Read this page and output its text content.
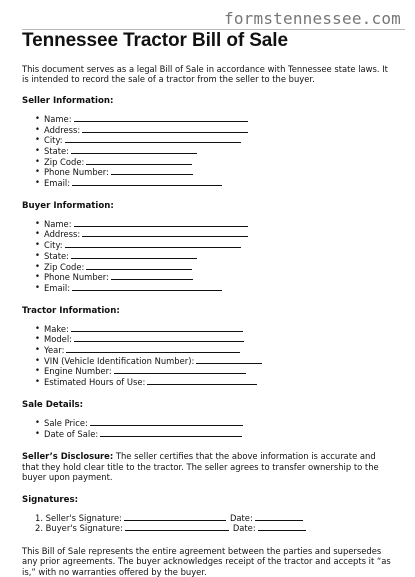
formstennessee.com
Tennessee Tractor Bill of Sale

This document serves as a legal Bill of Sale in accordance with Tennessee state laws. It is intended to record the sale of a tractor from the seller to the buyer.

Seller Information:
• Name:
• Address:
• City:
• State:
• Zip Code:
• Phone Number:
• Email:
Buyer Information:
• Name:
• Address:
• City:
• State:
• Zip Code:
• Phone Number:
• Email:
Tractor Information:
• Make:
• Model:
• Year:
• VIN (Vehicle Identification Number):
• Engine Number:
• Estimated Hours of Use:
Sale Details:
• Sale Price:
• Date of Sale:

Seller’s Disclosure: The seller certifies that the above information is accurate and that they hold clear title to the tractor. The seller agrees to transfer ownership to the buyer upon payment.

Signatures:
1. Seller's Signature:	Date:
2. Buyer's Signature:	Date:

This Bill of Sale represents the entire agreement between the parties and supersedes any prior agreements. The buyer acknowledges receipt of the tractor and accepts it “as is,” with no warranties offered by the buyer.
